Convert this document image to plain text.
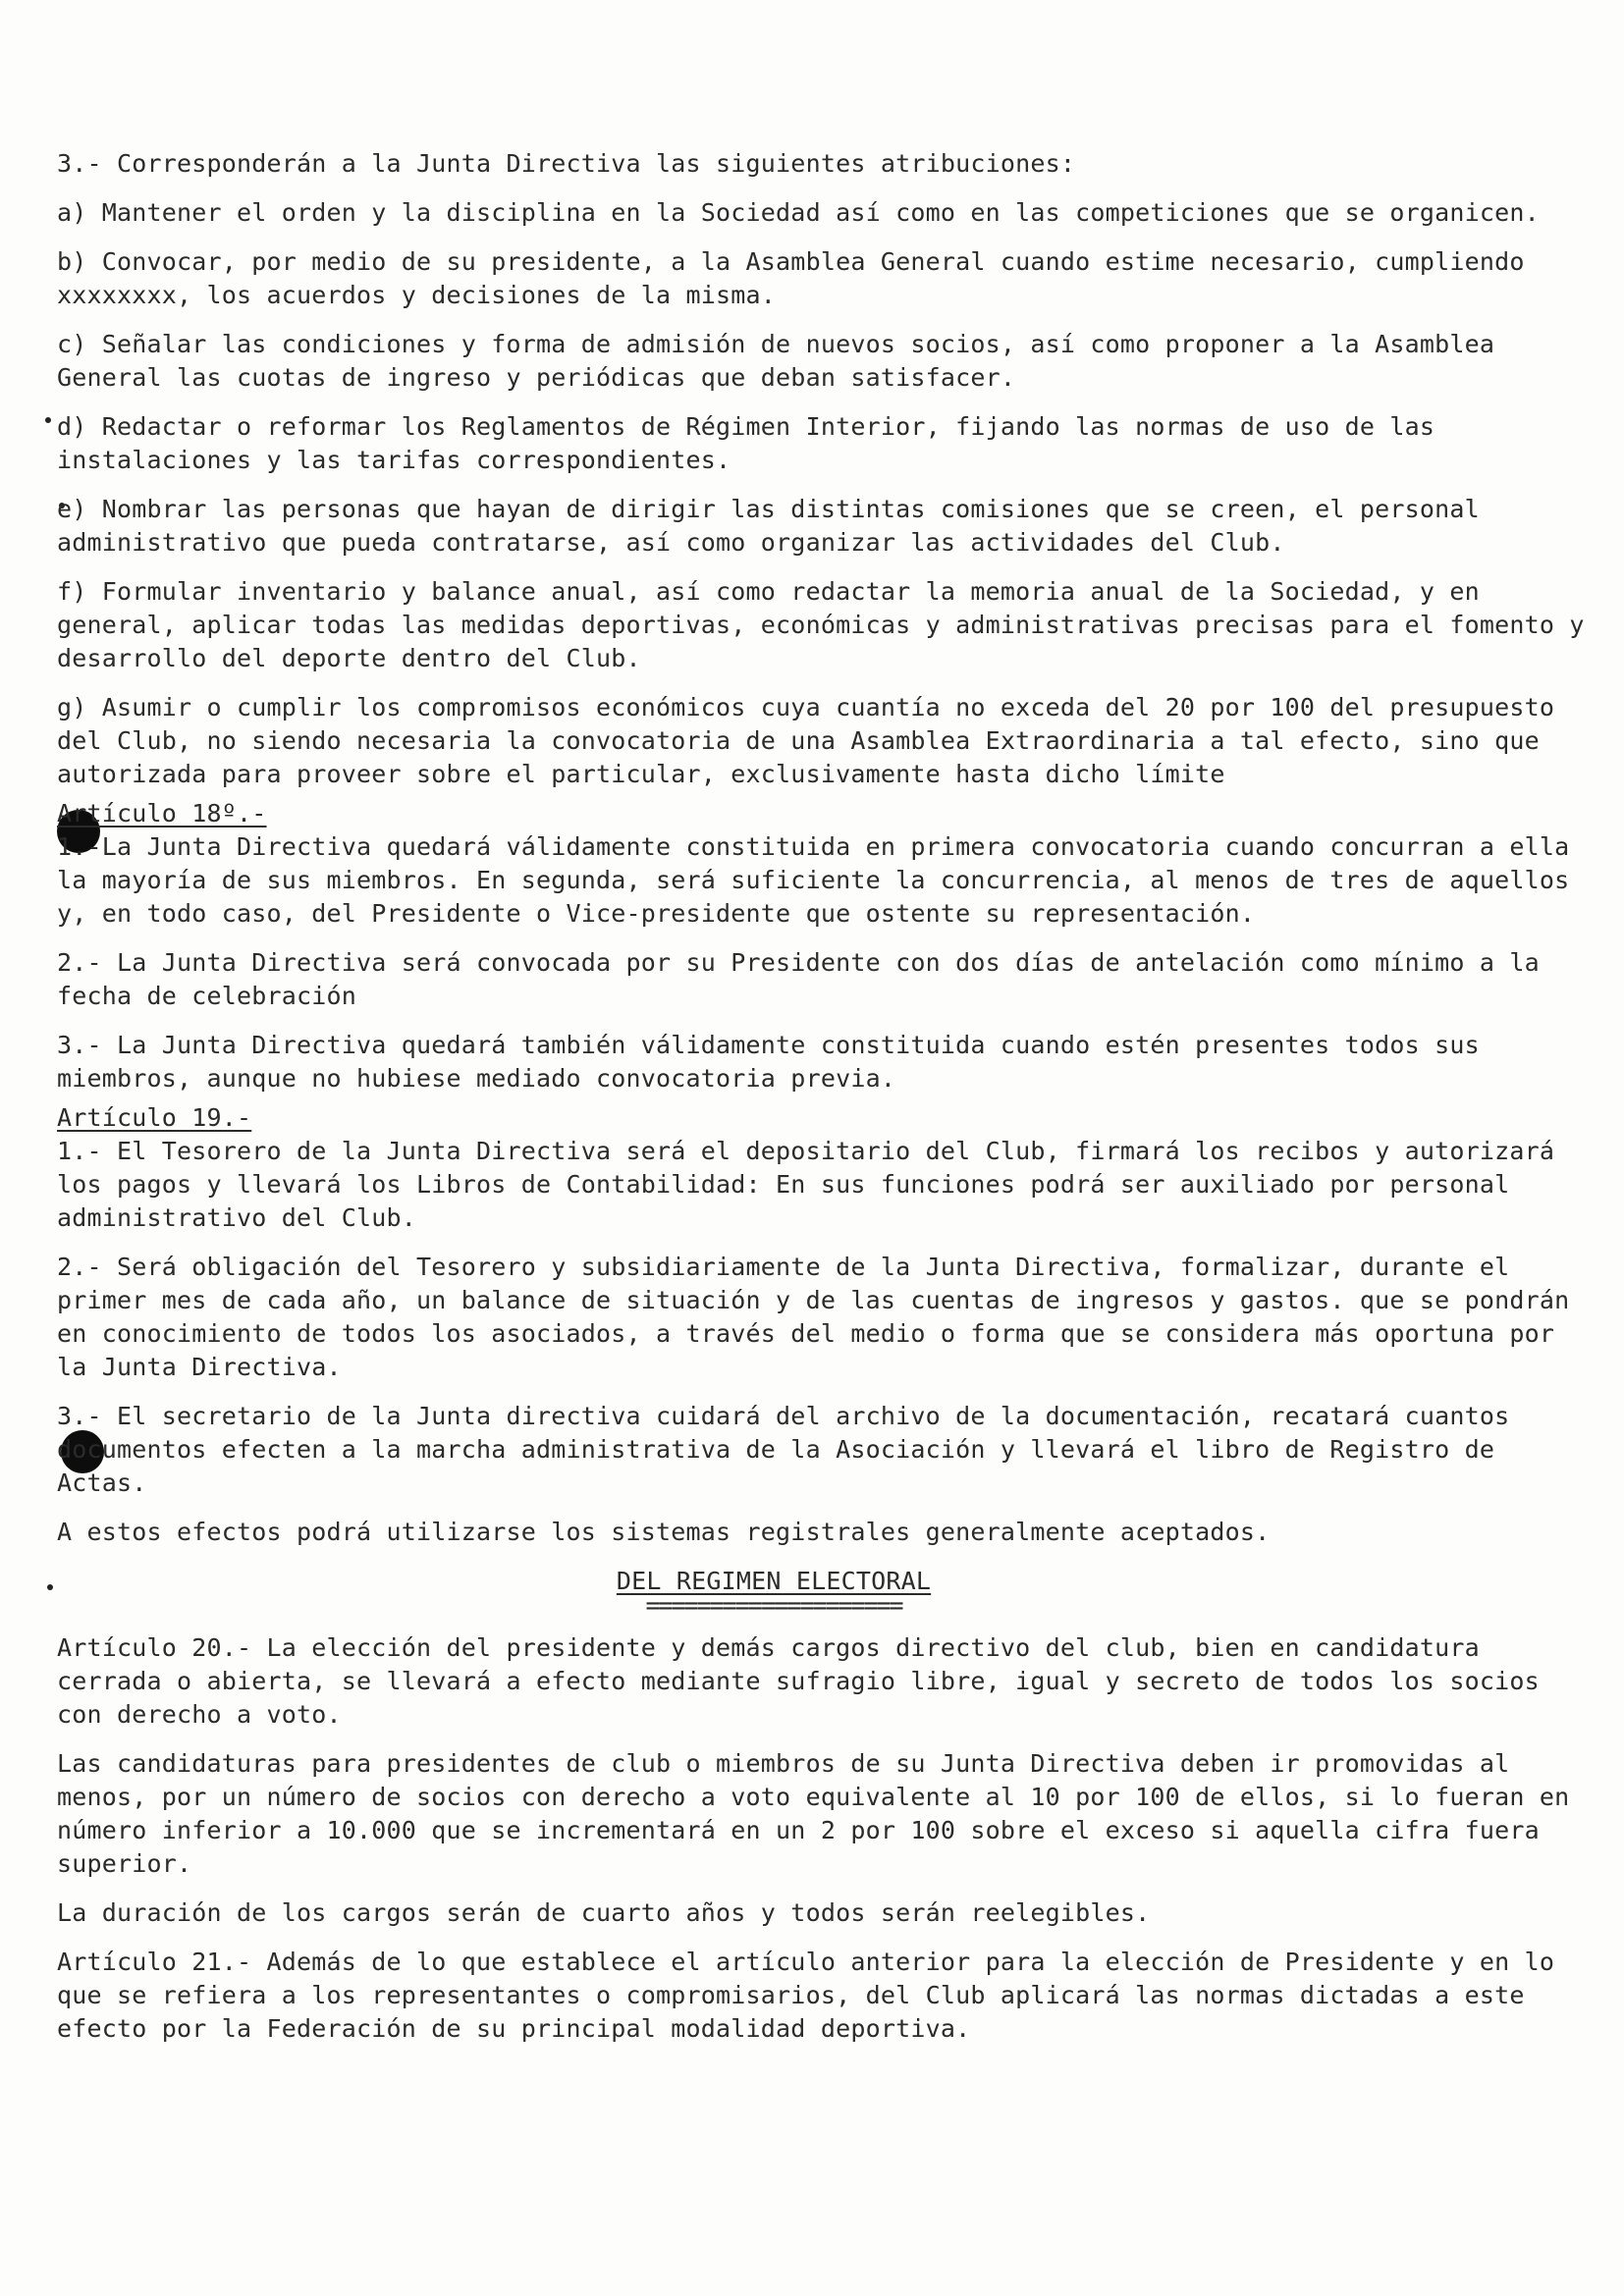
3.- Corresponderán a la Junta Directiva las siguientes atribuciones:

a) Mantener el orden y la disciplina en la Sociedad así como en las competiciones que se organicen.

b) Convocar, por medio de su presidente, a la Asamblea General cuando estime necesario, cumpliendo xxxxxxxx, los acuerdos y decisiones de la misma.

c) Señalar las condiciones y forma de admisión de nuevos socios, así como proponer a la Asamblea General las cuotas de ingreso y periódicas que deban satisfacer.

d) Redactar o reformar los Reglamentos de Régimen Interior, fijando las normas de uso de las instalaciones y las tarifas correspondientes.

e) Nombrar las personas que hayan de dirigir las distintas comisiones que se creen, el personal administrativo que pueda contratarse, así como organizar las actividades del Club.

f) Formular inventario y balance anual, así como redactar la memoria anual de la Sociedad, y en general, aplicar todas las medidas deportivas, económicas y administrativas precisas para el fomento y desarrollo del deporte dentro del Club.

g) Asumir o cumplir los compromisos económicos cuya cuantía no exceda del 20 por 100 del presupuesto del Club, no siendo necesaria la convocatoria de una Asamblea Extraordinaria a tal efecto, sino que autorizada para proveer sobre el particular, exclusivamente hasta dicho límite

Artículo 18º.-

1.-La Junta Directiva quedará válidamente constituida en primera convocatoria cuando concurran a ella la mayoría de sus miembros. En segunda, será suficiente la concurrencia, al menos de tres de aquellos y, en todo caso, del Presidente o Vice-presidente que ostente su representación.

2.- La Junta Directiva será convocada por su Presidente con dos días de antelación como mínimo a la fecha de celebración

3.- La Junta Directiva quedará también válidamente constituida cuando estén presentes todos sus miembros, aunque no hubiese mediado convocatoria previa.

Artículo 19.-

1.- El Tesorero de la Junta Directiva será el depositario del Club, firmará los recibos y autorizará los pagos y llevará los Libros de Contabilidad: En sus funciones podrá ser auxiliado por personal administrativo del Club.

2.- Será obligación del Tesorero y subsidiariamente de la Junta Directiva, formalizar, durante el primer mes de cada año, un balance de situación y de las cuentas de ingresos y gastos. que se pondrán en conocimiento de todos los asociados, a través del medio o forma que se considera más oportuna por la Junta Directiva.

3.- El secretario de la Junta directiva cuidará del archivo de la documentación, recatará cuantos documentos efecten a la marcha administrativa de la Asociación y llevará el libro de Registro de Actas.

A estos efectos podrá utilizarse los sistemas registrales generalmente aceptados.

DEL REGIMEN ELECTORAL

====================

Artículo 20.- La elección del presidente y demás cargos directivo del club, bien en candidatura cerrada o abierta, se llevará a efecto mediante sufragio libre, igual y secreto de todos los socios con derecho a voto.

Las candidaturas para presidentes de club o miembros de su Junta Directiva deben ir promovidas al menos, por un número de socios con derecho a voto equivalente al 10 por 100 de ellos, si lo fueran en número inferior a 10.000 que se incrementará en un 2 por 100 sobre el exceso si aquella cifra fuera superior.

La duración de los cargos serán de cuarto años y todos serán reelegibles.

Artículo 21.- Además de lo que establece el artículo anterior para la elección de Presidente y en lo que se refiera a los representantes o compromisarios, del Club aplicará las normas dictadas a este efecto por la Federación de su principal modalidad deportiva.
